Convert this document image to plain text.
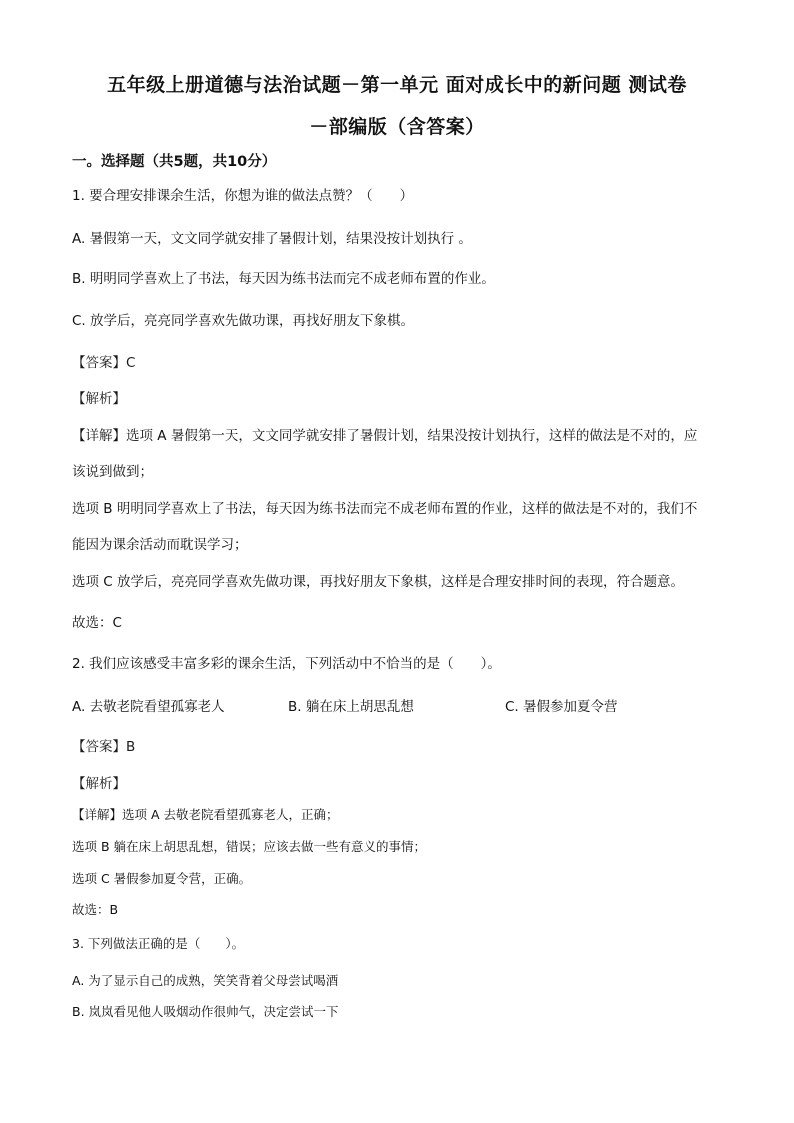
五年级上册道德与法治试题－第一单元 面对成长中的新问题 测试卷
－部编版（含答案）
一。选择题（共5题，共10分）
1. 要合理安排课余生活，你想为谁的做法点赞？（　　）
A. 暑假第一天，文文同学就安排了暑假计划，结果没按计划执行 。
B. 明明同学喜欢上了书法，每天因为练书法而完不成老师布置的作业。
C. 放学后，亮亮同学喜欢先做功课，再找好朋友下象棋。
【答案】C
【解析】
【详解】选项 A 暑假第一天，文文同学就安排了暑假计划，结果没按计划执行，这样的做法是不对的，应
该说到做到；
选项 B 明明同学喜欢上了书法，每天因为练书法而完不成老师布置的作业，这样的做法是不对的，我们不
能因为课余活动而耽误学习；
选项 C 放学后，亮亮同学喜欢先做功课，再找好朋友下象棋，这样是合理安排时间的表现，符合题意。
故选：C
2. 我们应该感受丰富多彩的课余生活，下列活动中不恰当的是（　　）。
A. 去敬老院看望孤寡老人	B. 躺在床上胡思乱想	C. 暑假参加夏令营
【答案】B
【解析】
【详解】选项 A 去敬老院看望孤寡老人，正确；
选项 B 躺在床上胡思乱想，错误；应该去做一些有意义的事情；
选项 C 暑假参加夏令营，正确。
故选：B
3. 下列做法正确的是（　　）。
A. 为了显示自己的成熟，笑笑背着父母尝试喝酒
B. 岚岚看见他人吸烟动作很帅气，决定尝试一下
